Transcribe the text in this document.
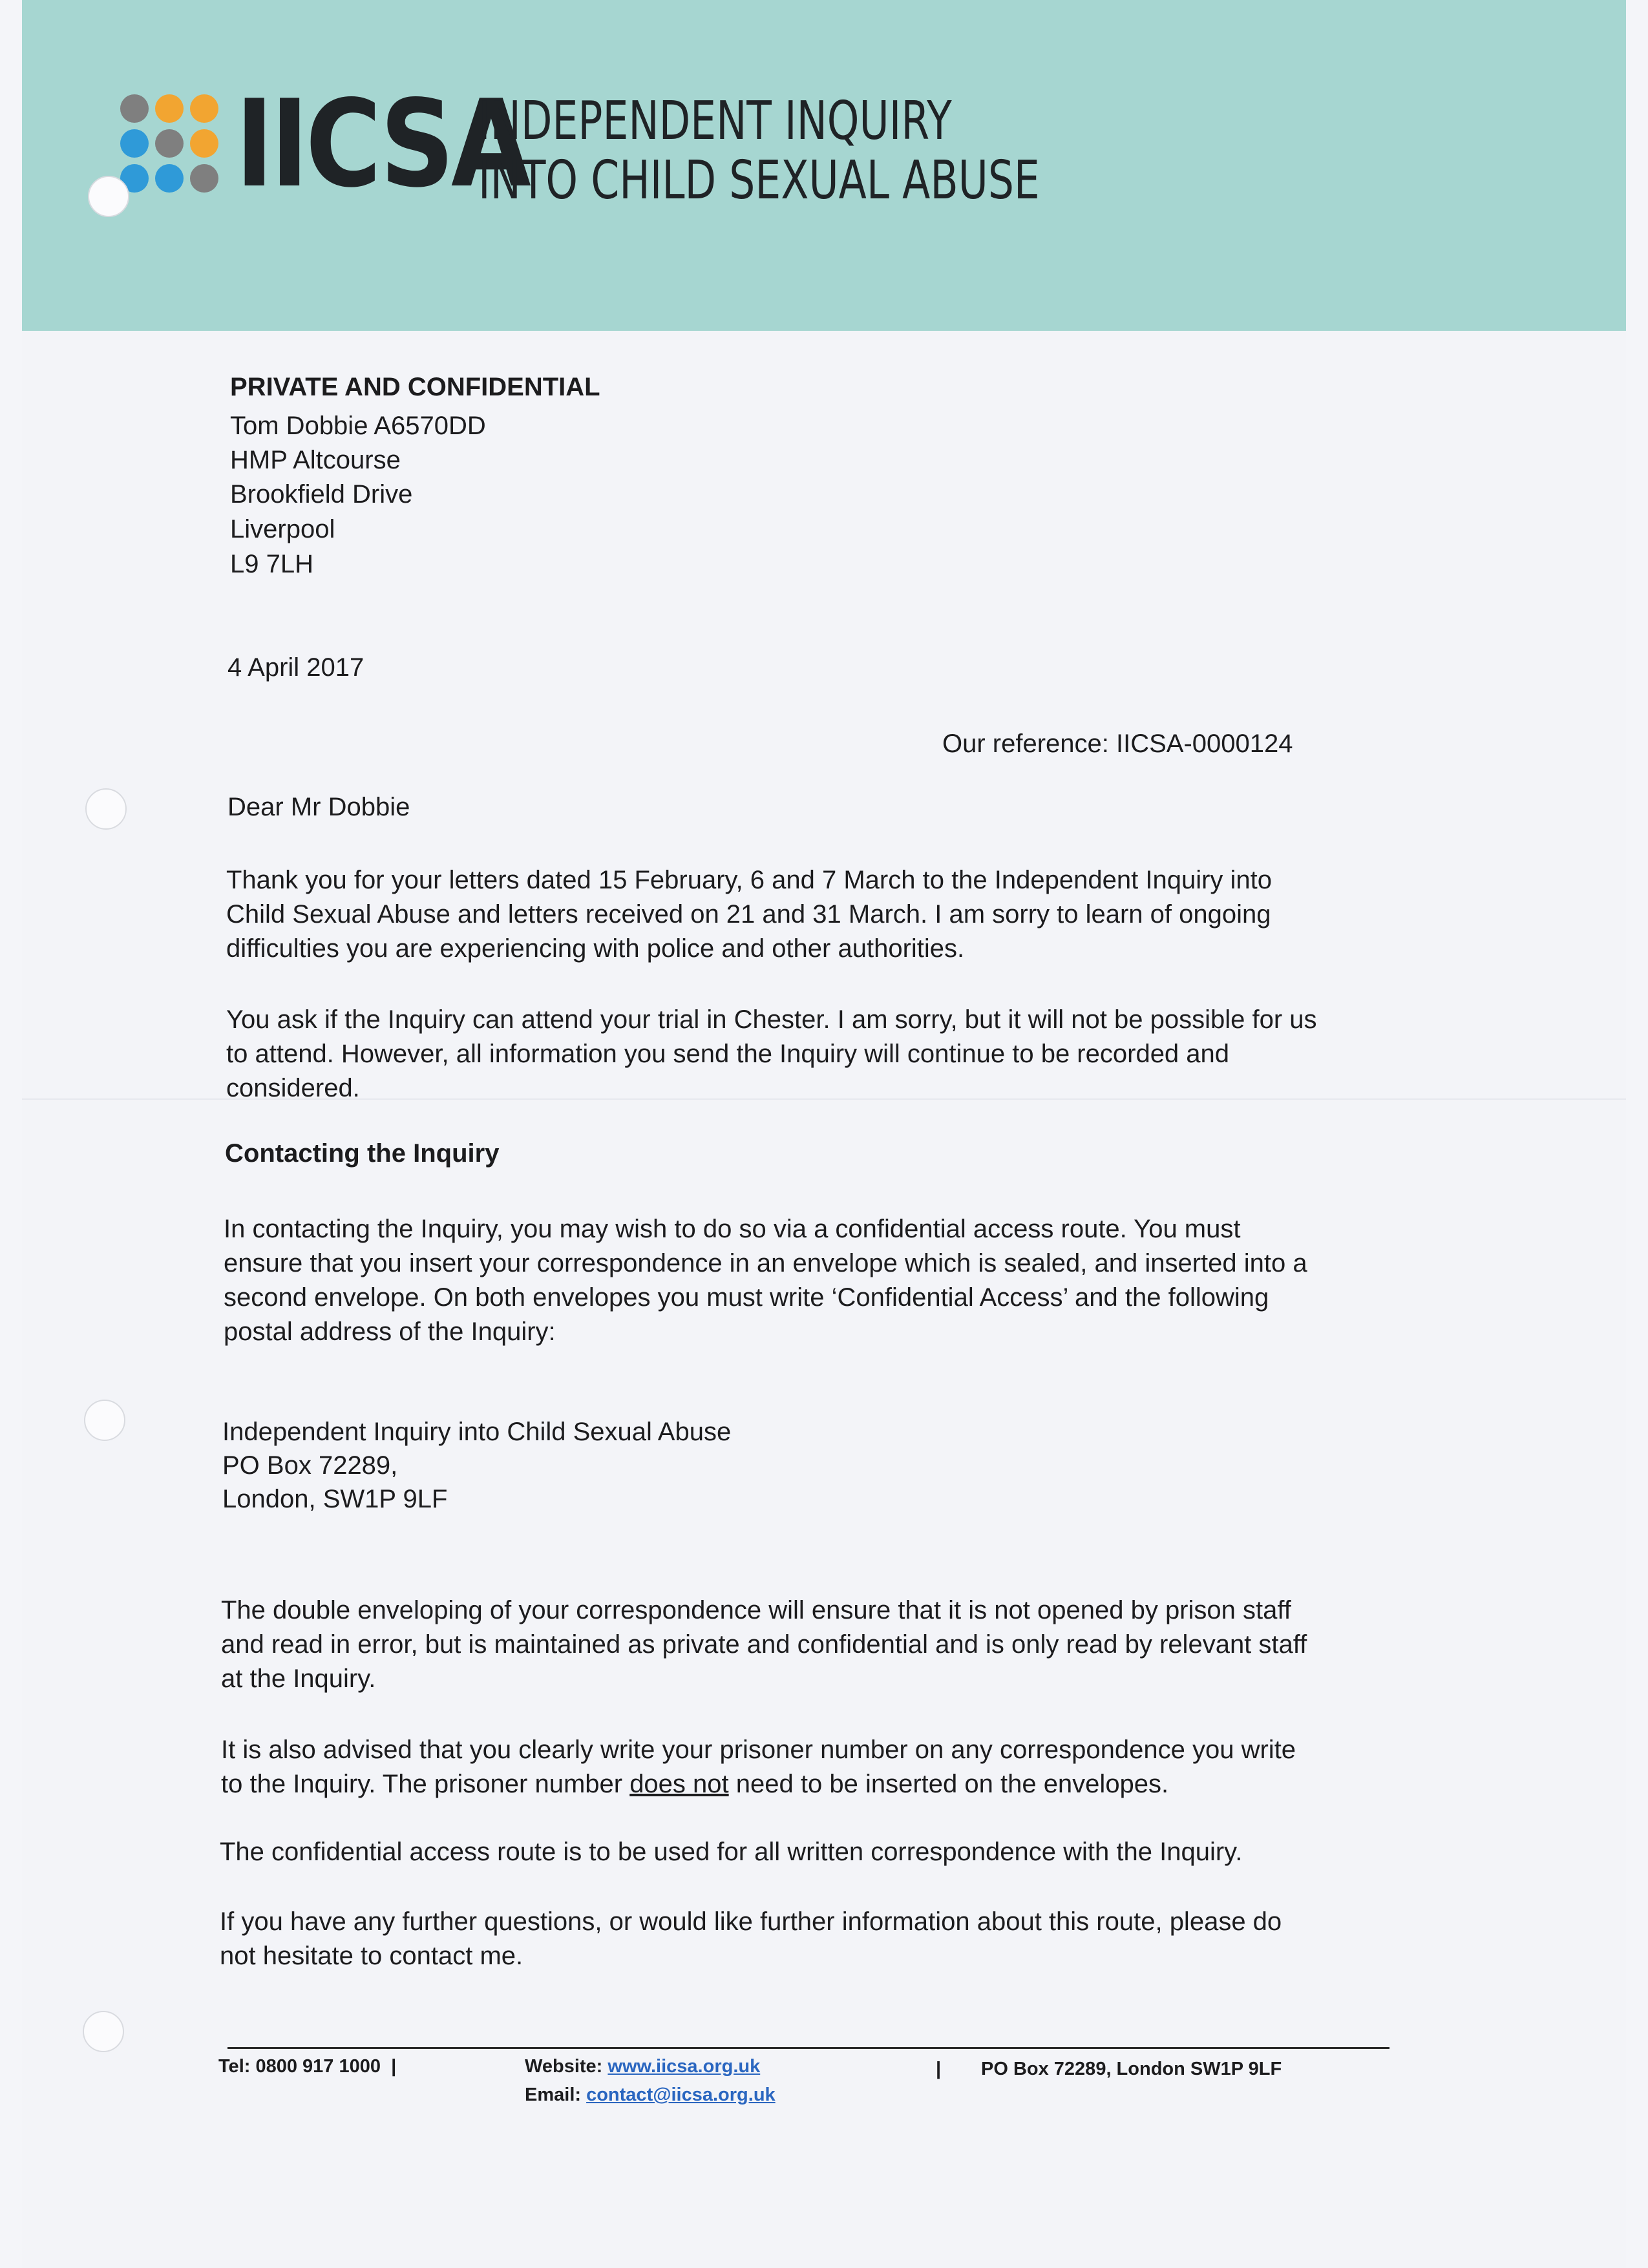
IICSA
INDEPENDENT INQUIRY
INTO CHILD SEXUAL ABUSE
PRIVATE AND CONFIDENTIAL
Tom Dobbie A6570DD
HMP Altcourse
Brookfield Drive
Liverpool
L9 7LH
4 April 2017
Our reference: IICSA-0000124
Dear Mr Dobbie
Thank you for your letters dated 15 February, 6 and 7 March to the Independent Inquiry into
Child Sexual Abuse and letters received on 21 and 31 March. I am sorry to learn of ongoing
difficulties you are experiencing with police and other authorities.
You ask if the Inquiry can attend your trial in Chester. I am sorry, but it will not be possible for us
to attend. However, all information you send the Inquiry will continue to be recorded and
considered.
Contacting the Inquiry
In contacting the Inquiry, you may wish to do so via a confidential access route. You must
ensure that you insert your correspondence in an envelope which is sealed, and inserted into a
second envelope. On both envelopes you must write ‘Confidential Access’ and the following
postal address of the Inquiry:
Independent Inquiry into Child Sexual Abuse
PO Box 72289,
London, SW1P 9LF
The double enveloping of your correspondence will ensure that it is not opened by prison staff
and read in error, but is maintained as private and confidential and is only read by relevant staff
at the Inquiry.
It is also advised that you clearly write your prisoner number on any correspondence you write
to the Inquiry. The prisoner number does not need to be inserted on the envelopes.
The confidential access route is to be used for all written correspondence with the Inquiry.
If you have any further questions, or would like further information about this route, please do
not hesitate to contact me.
Tel: 0800 917 1000 |	Website: www.iicsa.org.uk
Email: contact@iicsa.org.uk
| PO Box 72289, London SW1P 9LF
